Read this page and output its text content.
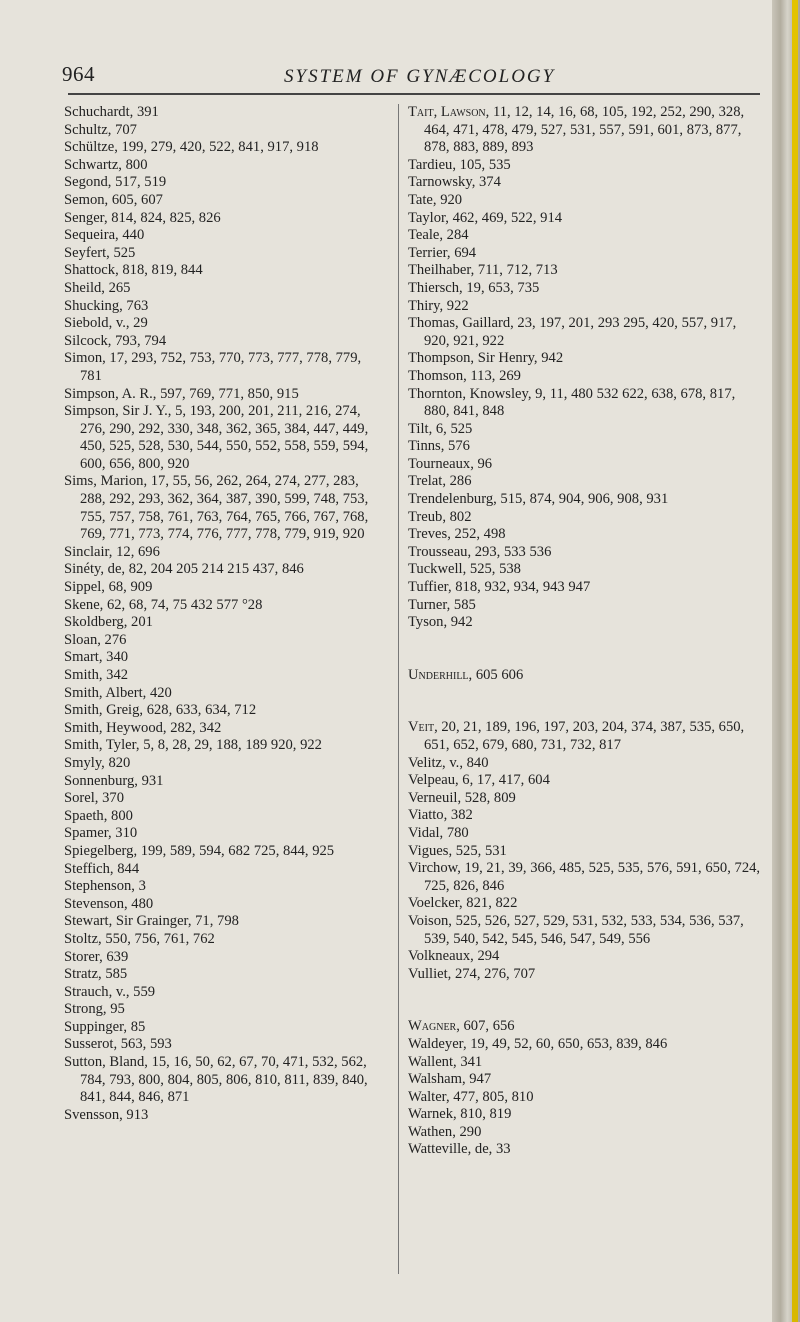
964	SYSTEM OF GYNÆCOLOGY
Schuchardt, 391
Schultz, 707
Schültze, 199, 279, 420, 522, 841, 917, 918
Schwartz, 800
Segond, 517, 519
Semon, 605, 607
Senger, 814, 824, 825, 826
Sequeira, 440
Seyfert, 525
Shattock, 818, 819, 844
Sheild, 265
Shucking, 763
Siebold, v., 29
Silcock, 793, 794
Simon, 17, 293, 752, 753, 770, 773, 777, 778, 779, 781
Simpson, A. R., 597, 769, 771, 850, 915
Simpson, Sir J. Y., 5, 193, 200, 201, 211, 216, 274, 276, 290, 292, 330, 348, 362, 365, 384, 447, 449, 450, 525, 528, 530, 544, 550, 552, 558, 559, 594, 600, 656, 800, 920
Sims, Marion, 17, 55, 56, 262, 264, 274, 277, 283, 288, 292, 293, 362, 364, 387, 390, 599, 748, 753, 755, 757, 758, 761, 763, 764, 765, 766, 767, 768, 769, 771, 773, 774, 776, 777, 778, 779, 919, 920
Sinclair, 12, 696
Sinéty, de, 82, 204 205 214 215 437, 846
Sippel, 68, 909
Skene, 62, 68, 74, 75 432 577 °28
Skoldberg, 201
Sloan, 276
Smart, 340
Smith, 342
Smith, Albert, 420
Smith, Greig, 628, 633, 634, 712
Smith, Heywood, 282, 342
Smith, Tyler, 5, 8, 28, 29, 188, 189 920, 922
Smyly, 820
Sonnenburg, 931
Sorel, 370
Spaeth, 800
Spamer, 310
Spiegelberg, 199, 589, 594, 682 725, 844, 925
Steffich, 844
Stephenson, 3
Stevenson, 480
Stewart, Sir Grainger, 71, 798
Stoltz, 550, 756, 761, 762
Storer, 639
Stratz, 585
Strauch, v., 559
Strong, 95
Suppinger, 85
Susserot, 563, 593
Sutton, Bland, 15, 16, 50, 62, 67, 70, 471, 532, 562, 784, 793, 800, 804, 805, 806, 810, 811, 839, 840, 841, 844, 846, 871
Svensson, 913
Tait, Lawson, 11, 12, 14, 16, 68, 105, 192, 252, 290, 328, 464, 471, 478, 479, 527, 531, 557, 591, 601, 873, 877, 878, 883, 889, 893
Tardieu, 105, 535
Tarnowsky, 374
Tate, 920
Taylor, 462, 469, 522, 914
Teale, 284
Terrier, 694
Theilhaber, 711, 712, 713
Thiersch, 19, 653, 735
Thiry, 922
Thomas, Gaillard, 23, 197, 201, 293 295, 420, 557, 917, 920, 921, 922
Thompson, Sir Henry, 942
Thomson, 113, 269
Thornton, Knowsley, 9, 11, 480 532 622, 638, 678, 817, 880, 841, 848
Tilt, 6, 525
Tinns, 576
Tourneaux, 96
Trelat, 286
Trendelenburg, 515, 874, 904, 906, 908, 931
Treub, 802
Treves, 252, 498
Trousseau, 293, 533 536
Tuckwell, 525, 538
Tuffier, 818, 932, 934, 943 947
Turner, 585
Tyson, 942
Underhill, 605 606
Veit, 20, 21, 189, 196, 197, 203, 204, 374, 387, 535, 650, 651, 652, 679, 680, 731, 732, 817
Velitz, v., 840
Velpeau, 6, 17, 417, 604
Verneuil, 528, 809
Viatto, 382
Vidal, 780
Vigues, 525, 531
Virchow, 19, 21, 39, 366, 485, 525, 535, 576, 591, 650, 724, 725, 826, 846
Voelcker, 821, 822
Voison, 525, 526, 527, 529, 531, 532, 533, 534, 536, 537, 539, 540, 542, 545, 546, 547, 549, 556
Volkneaux, 294
Vulliet, 274, 276, 707
Wagner, 607, 656
Waldeyer, 19, 49, 52, 60, 650, 653, 839, 846
Wallent, 341
Walsham, 947
Walter, 477, 805, 810
Warnek, 810, 819
Wathen, 290
Watteville, de, 33
